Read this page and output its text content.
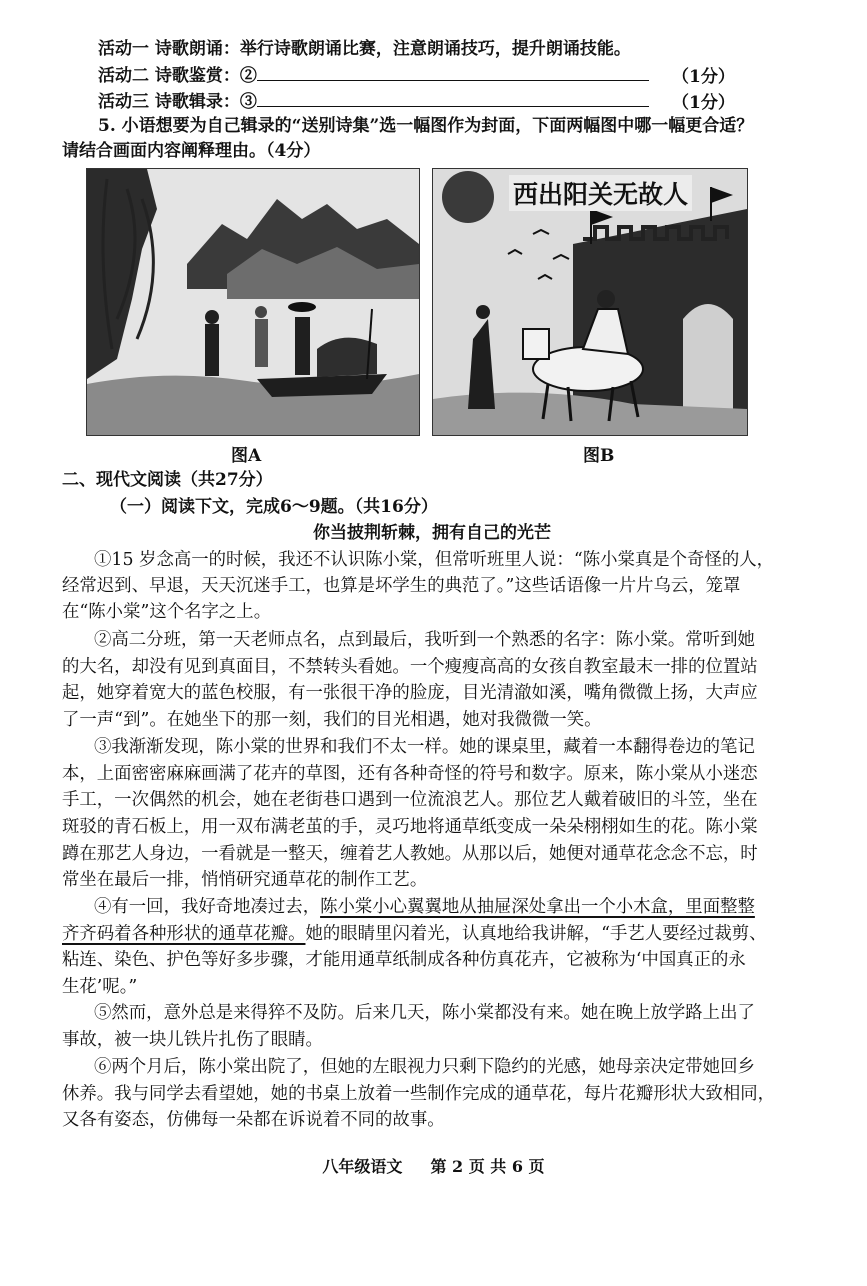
活动一 诗歌朗诵：举行诗歌朗诵比赛，注意朗诵技巧，提升朗诵技能。
活动二 诗歌鉴赏：②	（1分）
活动三 诗歌辑录：③	（1分）
5. 小语想要为自己辑录的“送别诗集”选一幅图作为封面，下面两幅图中哪一幅更合适？
请结合画面内容阐释理由。（4分）
图A
西出阳关无故人
图B
二、现代文阅读（共27分）
（一）阅读下文，完成6～9题。（共16分）
你当披荆斩棘，拥有自己的光芒
①15 岁念高一的时候，我还不认识陈小棠，但常听班里人说：“陈小棠真是个奇怪的人，
经常迟到、早退，天天沉迷手工，也算是坏学生的典范了。”这些话语像一片片乌云，笼罩
在“陈小棠”这个名字之上。
②高二分班，第一天老师点名，点到最后，我听到一个熟悉的名字：陈小棠。常听到她
的大名，却没有见到真面目，不禁转头看她。一个瘦瘦高高的女孩自教室最末一排的位置站
起，她穿着宽大的蓝色校服，有一张很干净的脸庞，目光清澈如溪，嘴角微微上扬，大声应
了一声“到”。在她坐下的那一刻，我们的目光相遇，她对我微微一笑。
③我渐渐发现，陈小棠的世界和我们不太一样。她的课桌里，藏着一本翻得卷边的笔记
本，上面密密麻麻画满了花卉的草图，还有各种奇怪的符号和数字。原来，陈小棠从小迷恋
手工，一次偶然的机会，她在老街巷口遇到一位流浪艺人。那位艺人戴着破旧的斗笠，坐在
斑驳的青石板上，用一双布满老茧的手，灵巧地将通草纸变成一朵朵栩栩如生的花。陈小棠
蹲在那艺人身边，一看就是一整天，缠着艺人教她。从那以后，她便对通草花念念不忘，时
常坐在最后一排，悄悄研究通草花的制作工艺。
④有一回，我好奇地凑过去，陈小棠小心翼翼地从抽屉深处拿出一个小木盒，里面整整
齐齐码着各种形状的通草花瓣。她的眼睛里闪着光，认真地给我讲解，“手艺人要经过裁剪、
粘连、染色、护色等好多步骤，才能用通草纸制成各种仿真花卉，它被称为‘中国真正的永
生花’呢。”
⑤然而，意外总是来得猝不及防。后来几天，陈小棠都没有来。她在晚上放学路上出了
事故，被一块儿铁片扎伤了眼睛。
⑥两个月后，陈小棠出院了，但她的左眼视力只剩下隐约的光感，她母亲决定带她回乡
休养。我与同学去看望她，她的书桌上放着一些制作完成的通草花，每片花瓣形状大致相同，
又各有姿态，仿佛每一朵都在诉说着不同的故事。
八年级语文 第 2 页 共 6 页
